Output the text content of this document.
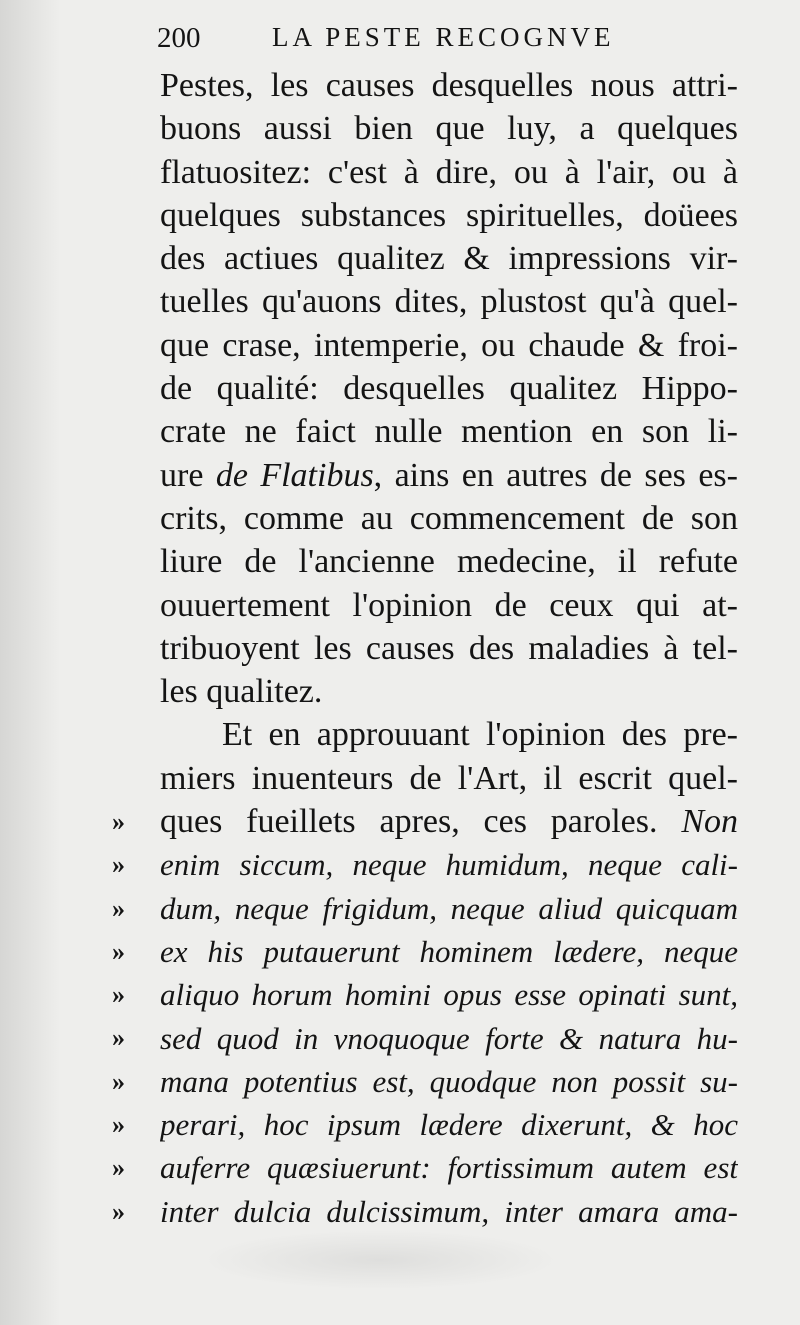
200	LA PESTE RECOGNVE
Pestes, les causes desquelles nous attri-
buons aussi bien que luy, a quelques
flatuositez: c'est à dire, ou à l'air, ou à
quelques substances spirituelles, doüees
des actiues qualitez & impressions vir-
tuelles qu'auons dites, plustost qu'à quel-
que crase, intemperie, ou chaude & froi-
de qualité: desquelles qualitez Hippo-
crate ne faict nulle mention en son li-
ure de Flatibus, ains en autres de ses es-
crits, comme au commencement de son
liure de l'ancienne medecine, il refute
ouuertement l'opinion de ceux qui at-
tribuoyent les causes des maladies à tel-
les qualitez.
Et en approuuant l'opinion des pre-
miers inuenteurs de l'Art, il escrit quel-
ques fueillets apres, ces paroles. Non
enim siccum, neque humidum, neque cali-
dum, neque frigidum, neque aliud quicquam
ex his putauerunt hominem lædere, neque
aliquo horum homini opus esse opinati sunt,
sed quod in vnoquoque forte & natura hu-
mana potentius est, quodque non possit su-
perari, hoc ipsum lædere dixerunt, & hoc
auferre quæsiuerunt: fortissimum autem est
inter dulcia dulcissimum, inter amara ama-
»
»
»
»
»
»
»
»
»
»
